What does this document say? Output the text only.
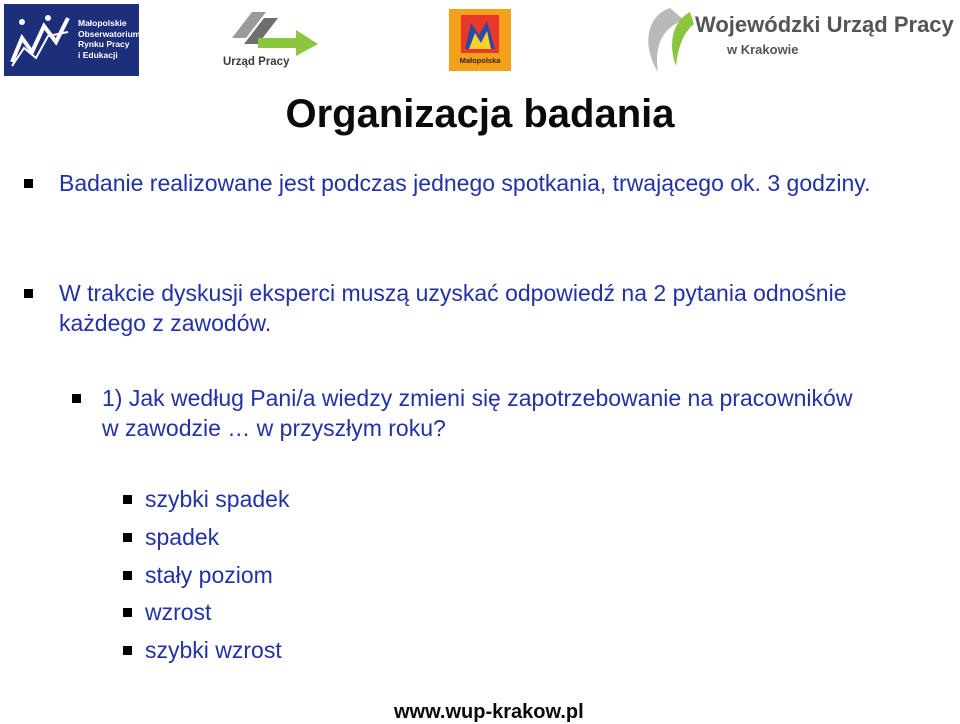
Małopolskie
Obserwatorium
Rynku Pracy
i Edukacji
Urząd Pracy	Małopolska
Wojewódzki Urząd Pracy
w Krakowie
Organizacja badania
Badanie realizowane jest podczas jednego spotkania, trwającego ok. 3 godziny.
W trakcie dyskusji eksperci muszą uzyskać odpowiedź na 2 pytania odnośnie każdego z zawodów.
1) Jak według Pani/a wiedzy zmieni się zapotrzebowanie na pracowników
w zawodzie … w przyszłym roku?
szybki spadek
spadek
stały poziom
wzrost
szybki wzrost
www.wup-krakow.pl
